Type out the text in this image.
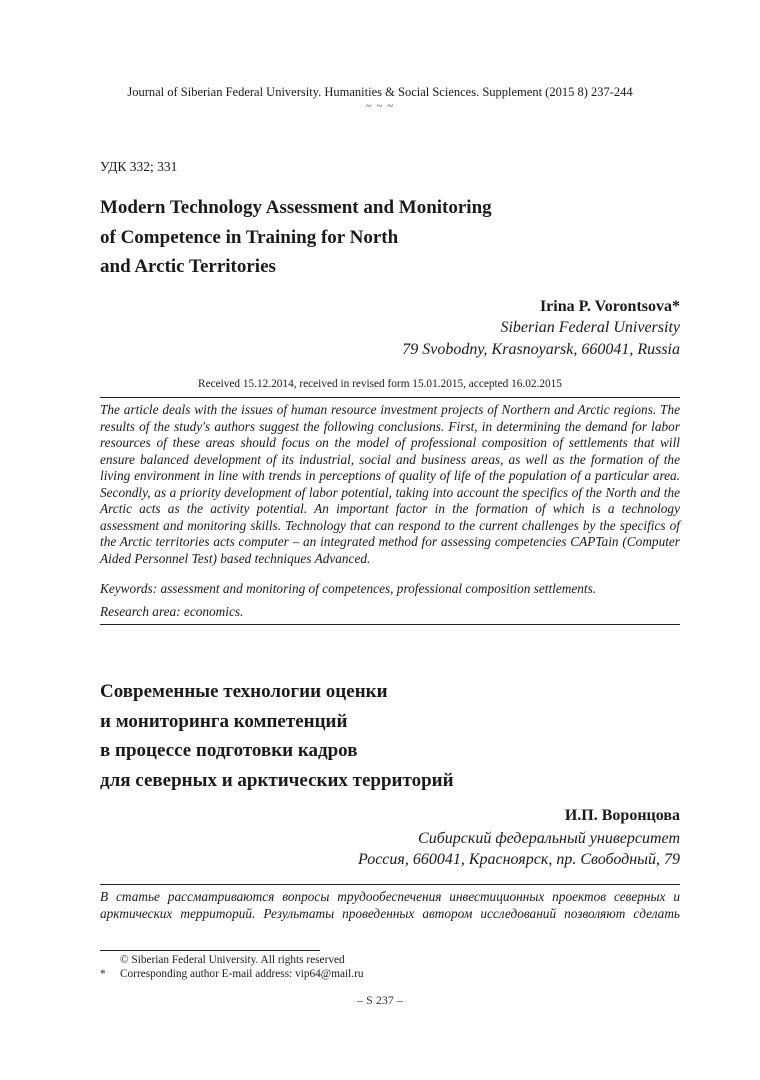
Journal of Siberian Federal University. Humanities & Social Sciences. Supplement (2015 8) 237-244

~ ~ ~

УДК 332; 331

Modern Technology Assessment and Monitoring
of Competence in Training for North
and Arctic Territories

Irina P. Vorontsova*

Siberian Federal University

79 Svobodny, Krasnoyarsk, 660041, Russia

Received 15.12.2014, received in revised form 15.01.2015, accepted 16.02.2015

The article deals with the issues of human resource investment projects of Northern and Arctic regions. The results of the study's authors suggest the following conclusions. First, in determining the demand for labor resources of these areas should focus on the model of professional composition of settlements that will ensure balanced development of its industrial, social and business areas, as well as the formation of the living environment in line with trends in perceptions of quality of life of the population of a particular area. Secondly, as a priority development of labor potential, taking into account the specifics of the North and the Arctic acts as the activity potential. An important factor in the formation of which is a technology assessment and monitoring skills. Technology that can respond to the current challenges by the specifics of the Arctic territories acts computer – an integrated method for assessing competencies CAPTain (Computer Aided Personnel Test) based techniques Advanced.

Keywords: assessment and monitoring of competences, professional composition settlements.

Research area: economics.

Современные технологии оценки
и мониторинга компетенций
в процессе подготовки кадров
для северных и арктических территорий

И.П. Воронцова

Сибирский федеральный университет

Россия, 660041, Красноярск, пр. Свободный, 79

В статье рассматриваются вопросы трудообеспечения инвестиционных проектов северных и
арктических территорий. Результаты проведенных автором исследований позволяют сделать

© Siberian Federal University. All rights reserved

* Corresponding author E-mail address: vip64@mail.ru

– S 237 –
